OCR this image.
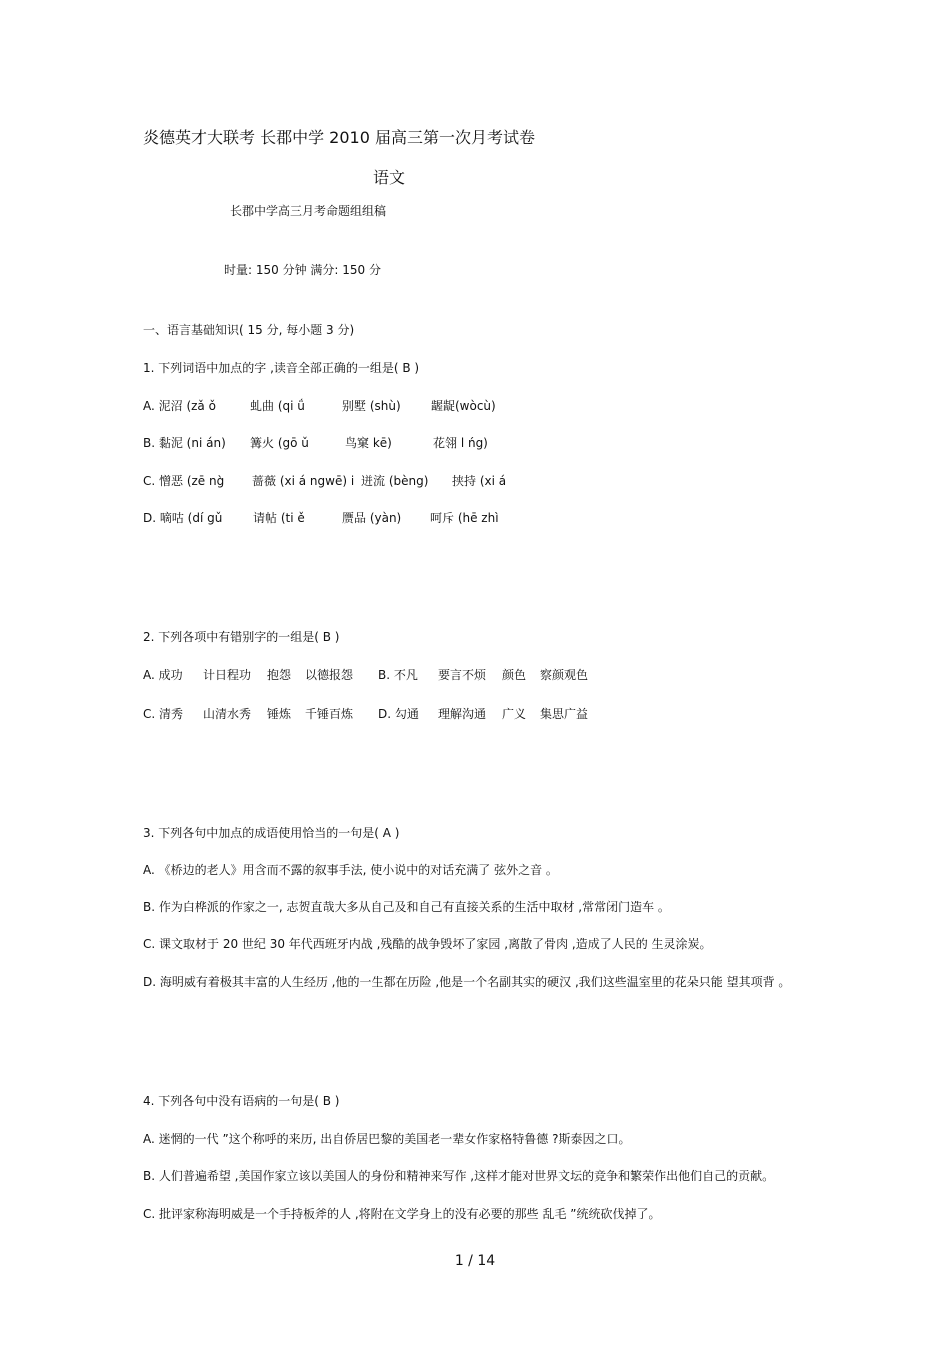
炎德英才大联考 长郡中学 2010 届高三第一次月考试卷
语文
长郡中学高三月考命题组组稿
时量: 150 分钟 满分: 150 分
一、语言基础知识( 15 分, 每小题 3 分)
1. 下列词语中加点的字 ,读音全部正确的一组是( B )
A. 泥沼 (zǎ ǒ	虬曲 (qi ǘ	别墅 (shù)	龌龊(wòcù)
B. 黏泥 (ni án) 篝火 (gō ǔ	鸟窠 kē)	花翎 l ńg)
C. 憎恶 (zē ng̀ 蔷薇 (xi á ngwē) i 迸流 (bèng) 挟持 (xi á
D. 嘀咕 (dí gǔ	请帖 (ti ě	赝品 (yàn) 呵斥 (hē zhì
2. 下列各项中有错别字的一组是( B )
A. 成功 计日程功 抱怨 以德报怨 B. 不凡 要言不烦 颜色 察颜观色
C. 清秀 山清水秀 锤炼 千锤百炼 D. 勾通 理解沟通 广义 集思广益
3. 下列各句中加点的成语使用恰当的一句是( A )
A. 《桥边的老人》用含而不露的叙事手法, 使小说中的对话充满了 弦外之音 。
B. 作为白桦派的作家之一, 志贺直哉大多从自己及和自己有直接关系的生活中取材 ,常常闭门造车 。
C. 课文取材于 20 世纪 30 年代西班牙内战 ,残酷的战争毁坏了家园 ,离散了骨肉 ,造成了人民的 生灵涂炭。
D. 海明威有着极其丰富的人生经历 ,他的一生都在历险 ,他是一个名副其实的硬汉 ,我们这些温室里的花朵只能 望其项背 。
4. 下列各句中没有语病的一句是( B )
A. 迷惘的一代 ”这个称呼的来历, 出自侨居巴黎的美国老一辈女作家格特鲁德 ?斯泰因之口。
B. 人们普遍希望 ,美国作家立该以美国人的身份和精神来写作 ,这样才能对世界文坛的竞争和繁荣作出他们自己的贡献。
C. 批评家称海明威是一个手持板斧的人 ,将附在文学身上的没有必要的那些 乱毛 ”统统砍伐掉了。
1 / 14
